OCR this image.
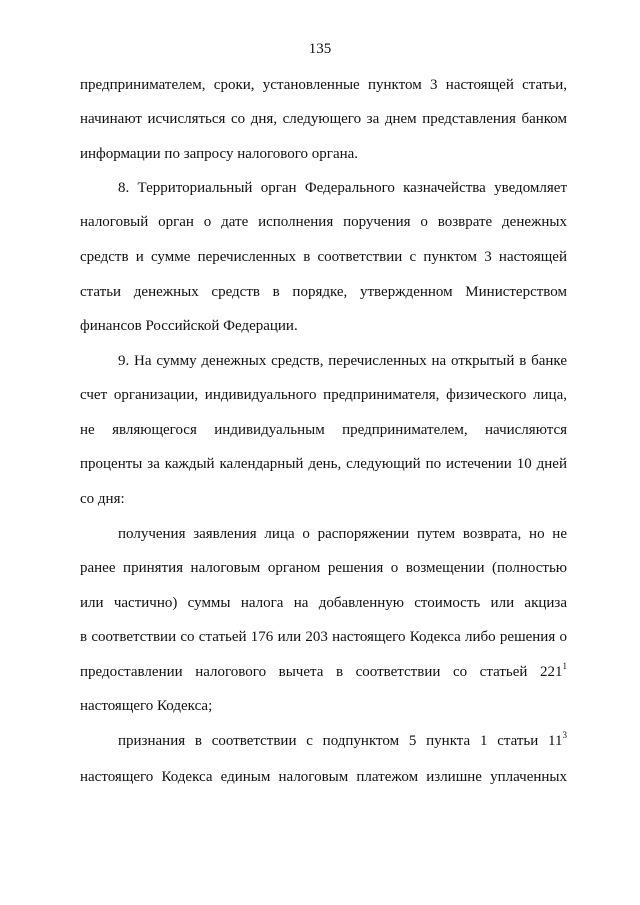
135
предпринимателем, сроки, установленные пунктом 3 настоящей статьи,
начинают исчисляться со дня, следующего за днем представления банком
информации по запросу налогового органа.
8. Территориальный орган Федерального казначейства уведомляет
налоговый орган о дате исполнения поручения о возврате денежных
средств и сумме перечисленных в соответствии с пунктом 3 настоящей
статьи денежных средств в порядке, утвержденном Министерством
финансов Российской Федерации.
9. На сумму денежных средств, перечисленных на открытый в банке
счет организации, индивидуального предпринимателя, физического лица,
не являющегося индивидуальным предпринимателем, начисляются
проценты за каждый календарный день, следующий по истечении 10 дней
со дня:
получения заявления лица о распоряжении путем возврата, но не
ранее принятия налоговым органом решения о возмещении (полностью
или частично) суммы налога на добавленную стоимость или акциза
в соответствии со статьей 176 или 203 настоящего Кодекса либо решения о
предоставлении налогового вычета в соответствии со статьей $221^1$
настоящего Кодекса;
признания в соответствии с подпунктом 5 пункта 1 статьи $11^3$
настоящего Кодекса единым налоговым платежом излишне уплаченных
